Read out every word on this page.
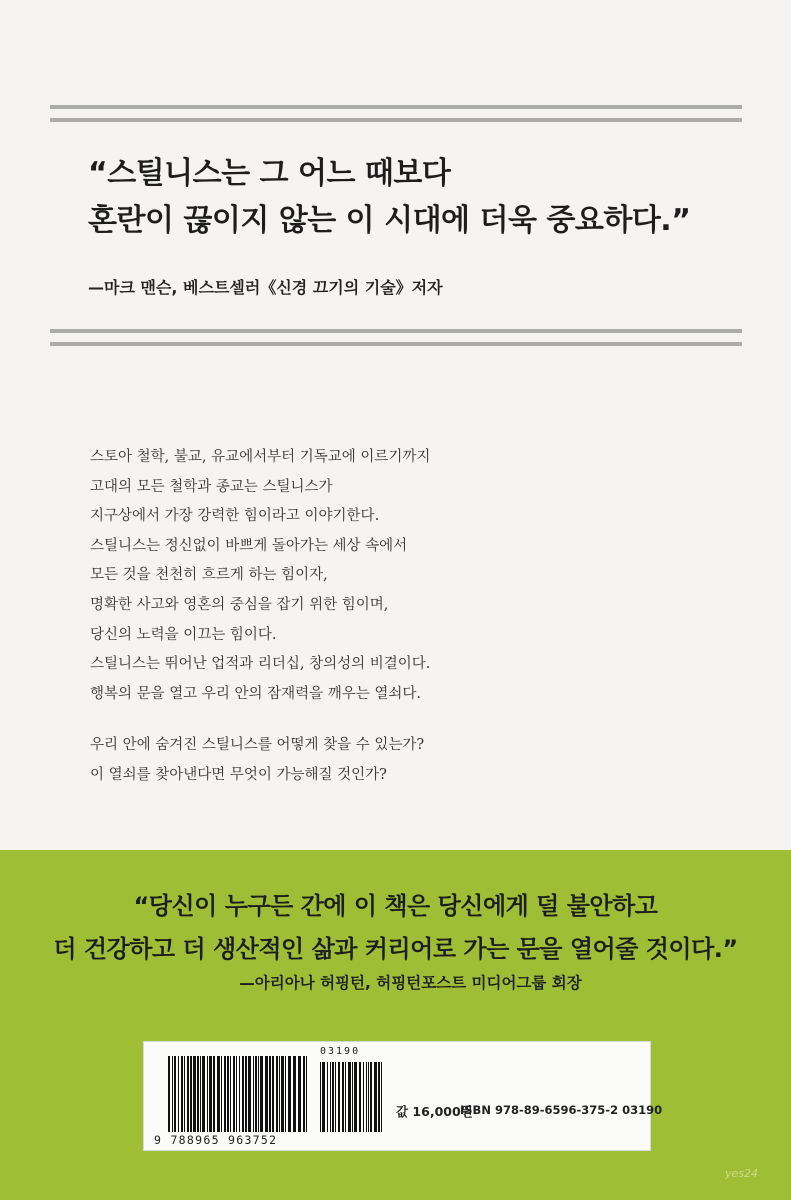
“스틸니스는 그 어느 때보다
혼란이 끊이지 않는 이 시대에 더욱 중요하다.”
—마크 맨슨, 베스트셀러《신경 끄기의 기술》저자
스토아 철학, 불교, 유교에서부터 기독교에 이르기까지
고대의 모든 철학과 종교는 스틸니스가
지구상에서 가장 강력한 힘이라고 이야기한다.
스틸니스는 정신없이 바쁘게 돌아가는 세상 속에서
모든 것을 천천히 흐르게 하는 힘이자,
명확한 사고와 영혼의 중심을 잡기 위한 힘이며,
당신의 노력을 이끄는 힘이다.
스틸니스는 뛰어난 업적과 리더십, 창의성의 비결이다.
행복의 문을 열고 우리 안의 잠재력을 깨우는 열쇠다.
우리 안에 숨겨진 스틸니스를 어떻게 찾을 수 있는가?
이 열쇠를 찾아낸다면 무엇이 가능해질 것인가?
“당신이 누구든 간에 이 책은 당신에게 덜 불안하고
더 건강하고 더 생산적인 삶과 커리어로 가는 문을 열어줄 것이다.”
—아리아나 허핑턴, 허핑턴포스트 미디어그룹 회장
03190
9 788965 963752
값 16,000원
ISBN 978-89-6596-375-2 03190
yes24
